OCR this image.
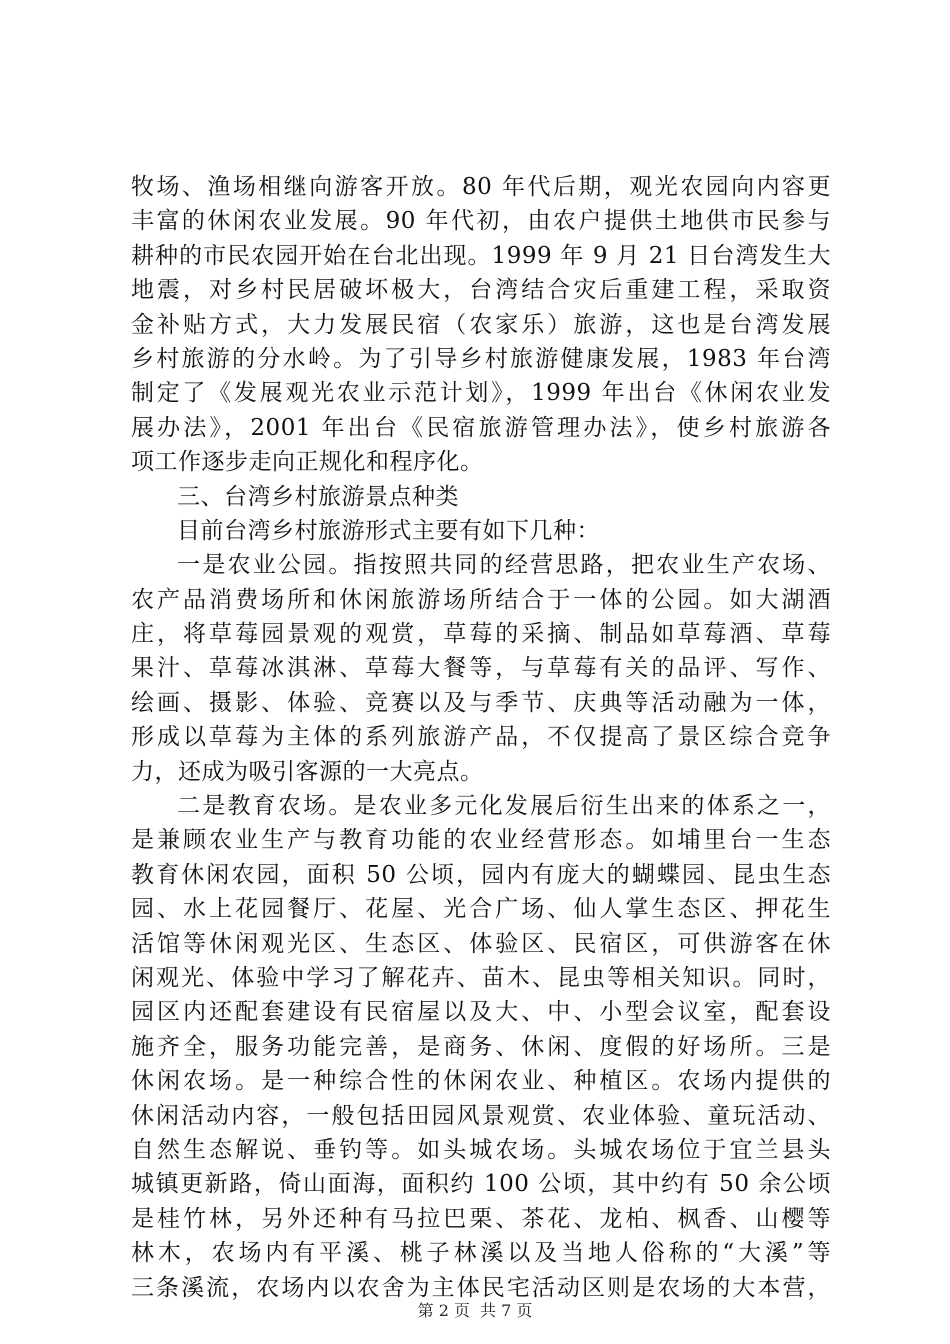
牧场、渔场相继向游客开放。80 年代后期，观光农园向内容更
丰富的休闲农业发展。90 年代初，由农户提供土地供市民参与
耕种的市民农园开始在台北出现。1999 年 9 月 21 日台湾发生大
地震，对乡村民居破坏极大，台湾结合灾后重建工程，采取资
金补贴方式，大力发展民宿（农家乐）旅游，这也是台湾发展
乡村旅游的分水岭。为了引导乡村旅游健康发展，1983 年台湾
制定了《发展观光农业示范计划》，1999 年出台《休闲农业发
展办法》，2001 年出台《民宿旅游管理办法》，使乡村旅游各
项工作逐步走向正规化和程序化。
三、台湾乡村旅游景点种类
目前台湾乡村旅游形式主要有如下几种：
一是农业公园。指按照共同的经营思路，把农业生产农场、
农产品消费场所和休闲旅游场所结合于一体的公园。如大湖酒
庄，将草莓园景观的观赏，草莓的采摘、制品如草莓酒、草莓
果汁、草莓冰淇淋、草莓大餐等，与草莓有关的品评、写作、
绘画、摄影、体验、竞赛以及与季节、庆典等活动融为一体，
形成以草莓为主体的系列旅游产品，不仅提高了景区综合竞争
力，还成为吸引客源的一大亮点。
二是教育农场。是农业多元化发展后衍生出来的体系之一，
是兼顾农业生产与教育功能的农业经营形态。如埔里台一生态
教育休闲农园，面积 50 公顷，园内有庞大的蝴蝶园、昆虫生态
园、水上花园餐厅、花屋、光合广场、仙人掌生态区、押花生
活馆等休闲观光区、生态区、体验区、民宿区，可供游客在休
闲观光、体验中学习了解花卉、苗木、昆虫等相关知识。同时，
园区内还配套建设有民宿屋以及大、中、小型会议室，配套设
施齐全，服务功能完善，是商务、休闲、度假的好场所。三是
休闲农场。是一种综合性的休闲农业、种植区。农场内提供的
休闲活动内容，一般包括田园风景观赏、农业体验、童玩活动、
自然生态解说、垂钓等。如头城农场。头城农场位于宜兰县头
城镇更新路，倚山面海，面积约 100 公顷，其中约有 50 余公顷
是桂竹林，另外还种有马拉巴栗、茶花、龙柏、枫香、山樱等
林木，农场内有平溪、桃子林溪以及当地人俗称的“大溪”等
三条溪流，农场内以农舍为主体民宅活动区则是农场的大本营，
第 2 页 共 7 页
